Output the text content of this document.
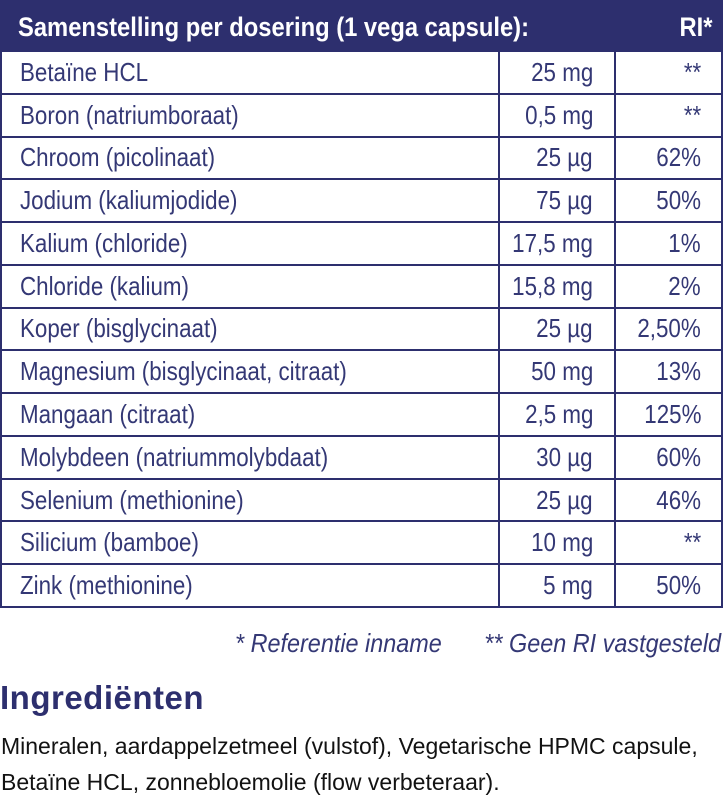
Samenstelling per dosering (1 vega capsule):	RI*
Betaïne HCL	25 mg	**
Boron (natriumboraat)	0,5 mg	**
Chroom (picolinaat)	25 µg 62%
Jodium (kaliumjodide)	75 µg 50%
Kalium (chloride)	17,5 mg	1%
Chloride (kalium)	15,8 mg	2%
Koper (bisglycinaat)	25 µg 2,50%
Magnesium (bisglycinaat, citraat)	50 mg 13%
Mangaan (citraat)	2,5 mg 125%
Molybdeen (natriummolybdaat)	30 µg 60%
Selenium (methionine)	25 µg 46%
Silicium (bamboe)	10 mg	**
Zink (methionine)	5 mg 50%
* Referentie inname ** Geen RI vastgesteld
Ingrediënten
Mineralen, aardappelzetmeel (vulstof), Vegetarische HPMC capsule, Betaïne HCL, zonnebloemolie (flow verbeteraar).
